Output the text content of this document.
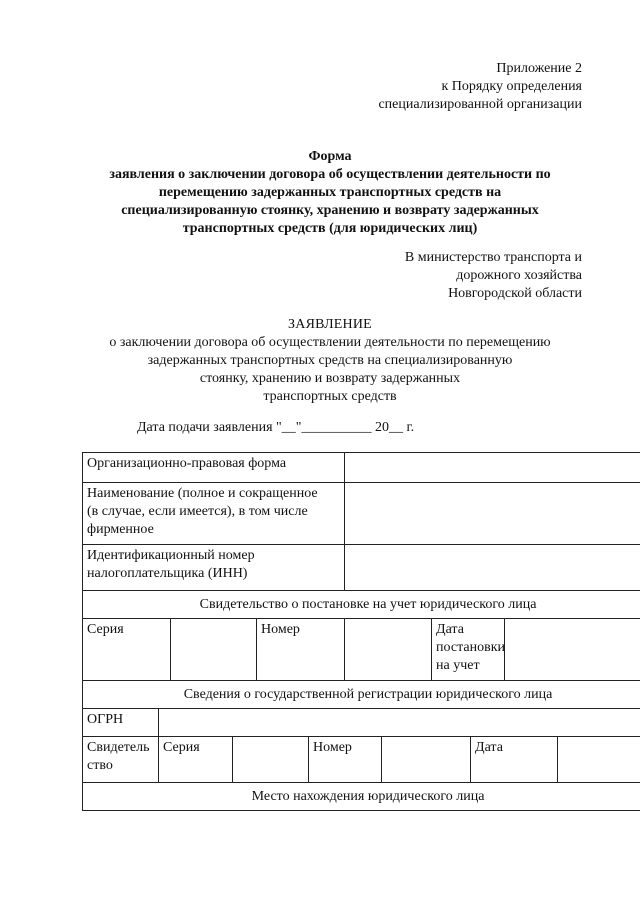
Приложение 2
к Порядку определения
специализированной организации
Форма
заявления о заключении договора об осуществлении деятельности по
перемещению задержанных транспортных средств на
специализированную стоянку, хранению и возврату задержанных
транспортных средств (для юридических лиц)
В министерство транспорта и
дорожного хозяйства
Новгородской области
ЗАЯВЛЕНИЕ
о заключении договора об осуществлении деятельности по перемещению
задержанных транспортных средств на специализированную
стоянку, хранению и возврату задержанных
транспортных средств
Дата подачи заявления "__"__________ 20__ г.
Организационно-правовая форма											

Наименование (полное и сокращенное
(в случае, если имеется), в том числе
фирменное											

Идентификационный номер
налогоплательщика (ИНН)											

Свидетельство о постановке на учет юридического лица											
Серия				Номер				Дата
постановки
на учет			

Сведения о государственной регистрации юридического лица											
ОГРН											

Свидетель
ство	Серия				Номер				Дата		
Место нахождения юридического лица											
